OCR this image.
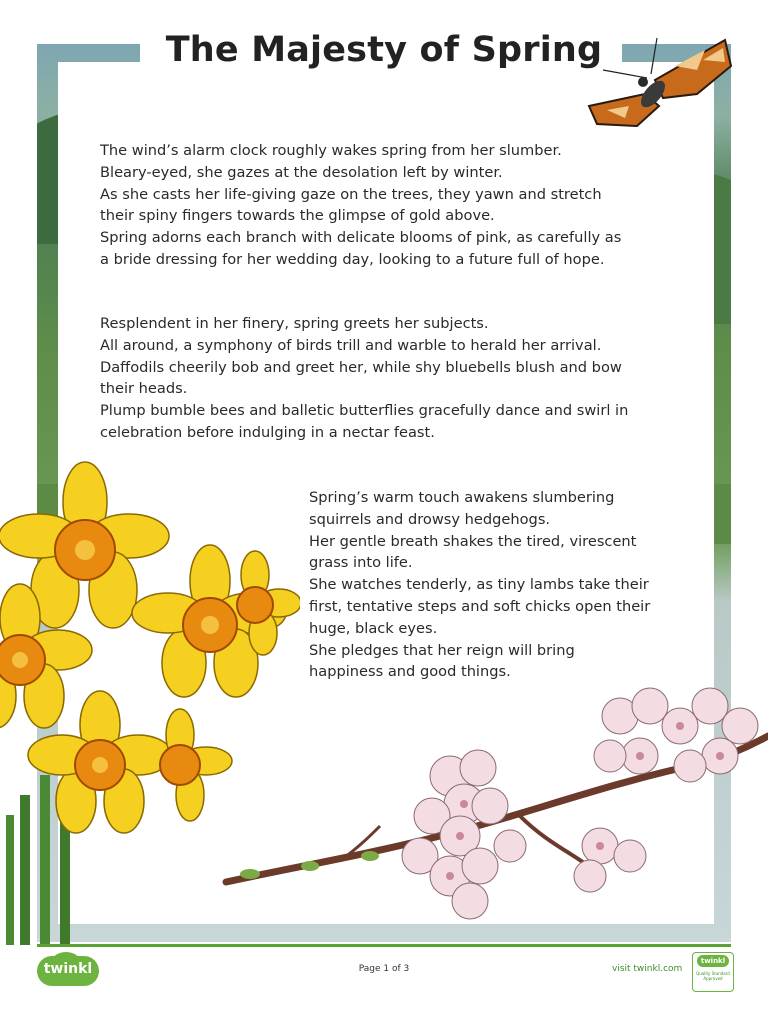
The Majesty of Spring
The wind’s alarm clock roughly wakes spring from her slumber.
Bleary-eyed, she gazes at the desolation left by winter.
As she casts her life-giving gaze on the trees, they yawn and stretch
their spiny fingers towards the glimpse of gold above.
Spring adorns each branch with delicate blooms of pink, as carefully as
a bride dressing for her wedding day, looking to a future full of hope.
Resplendent in her finery, spring greets her subjects.
All around, a symphony of birds trill and warble to herald her arrival.
Daffodils cheerily bob and greet her, while shy bluebells blush and bow
their heads.
Plump bumble bees and balletic butterflies gracefully dance and swirl in
celebration before indulging in a nectar feast.
Spring’s warm touch awakens slumbering
squirrels and drowsy hedgehogs.
Her gentle breath shakes the tired, virescent
grass into life.
She watches tenderly, as tiny lambs take their
first, tentative steps and soft chicks open their
huge, black eyes.
She pledges that her reign will bring
happiness and good things.
twinkl	Page 1 of 3	visit twinkl.com
twinkl
Quality Standard Approved
